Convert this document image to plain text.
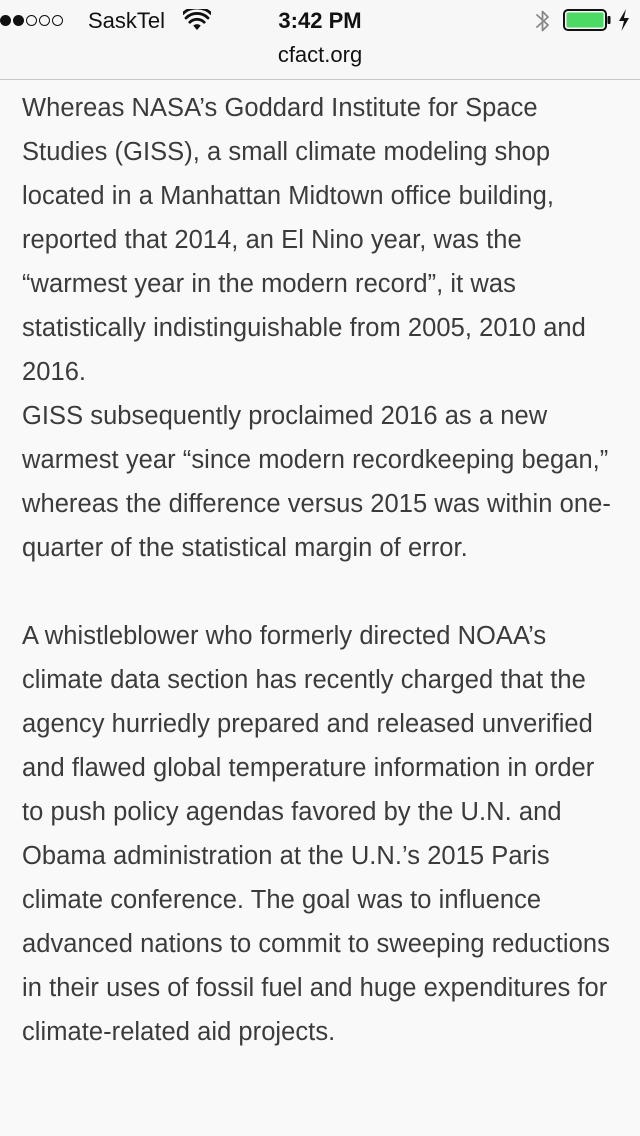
SaskTel	3:42 PM
cfact.org

Whereas NASA’s Goddard Institute for Space Studies (GISS), a small climate modeling shop located in a Manhattan Midtown office building, reported that 2014, an El Nino year, was the “warmest year in the modern record”, it was statistically indistinguishable from 2005, 2010 and 2016.

GISS subsequently proclaimed 2016 as a new warmest year “since modern recordkeeping began,” whereas the difference versus 2015 was within one-quarter of the statistical margin of error.

A whistleblower who formerly directed NOAA’s climate data section has recently charged that the agency hurriedly prepared and released unverified and flawed global temperature information in order to push policy agendas favored by the U.N. and Obama administration at the U.N.’s 2015 Paris climate conference. The goal was to influence advanced nations to commit to sweeping reductions in their uses of fossil fuel and huge expenditures for climate-related aid projects.
